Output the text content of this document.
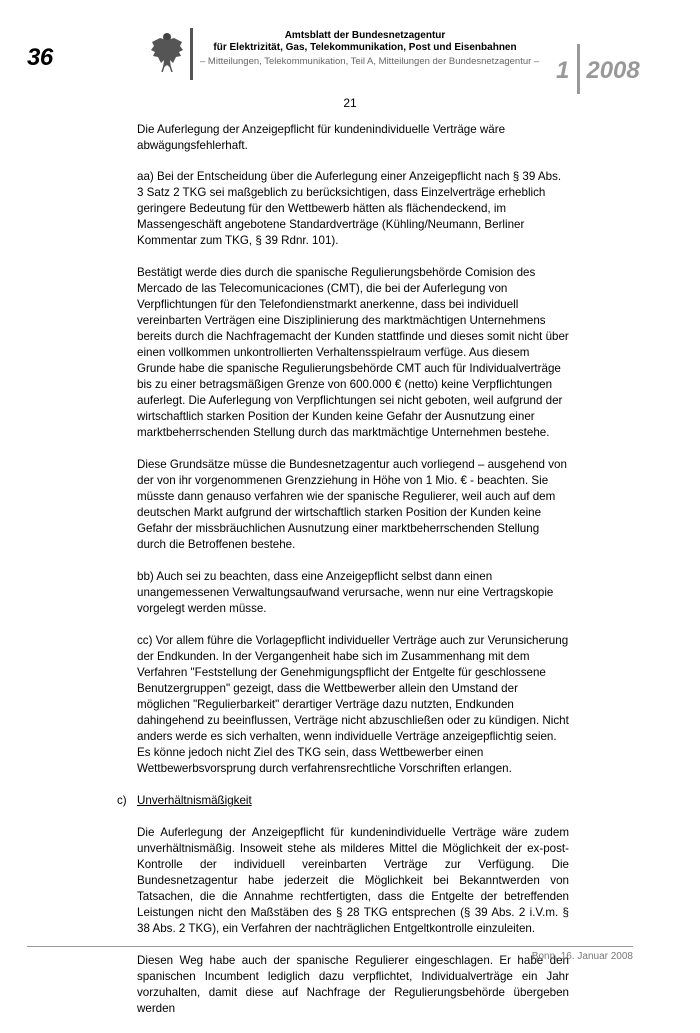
36
Amtsblatt der Bundesnetzagentur
für Elektrizität, Gas, Telekommunikation, Post und Eisenbahnen
– Mitteilungen, Telekommunikation, Teil A, Mitteilungen der Bundesnetzagentur – 1 2008
21

Die Auferlegung der Anzeigepflicht für kundenindividuelle Verträge wäre abwägungsfehlerhaft.

aa) Bei der Entscheidung über die Auferlegung einer Anzeigepflicht nach § 39 Abs. 3 Satz 2 TKG sei maßgeblich zu berücksichtigen, dass Einzelverträge erheblich geringere Bedeutung für den Wettbewerb hätten als flächendeckend, im Massengeschäft angebotene Standardverträge (Kühling/Neumann, Berliner Kommentar zum TKG, § 39 Rdnr. 101).

Bestätigt werde dies durch die spanische Regulierungsbehörde Comision des Mercado de las Telecomunicaciones (CMT), die bei der Auferlegung von Verpflichtungen für den Telefondienstmarkt anerkenne, dass bei individuell vereinbarten Verträgen eine Disziplinierung des marktmächtigen Unternehmens bereits durch die Nachfragemacht der Kunden stattfinde und dieses somit nicht über einen vollkommen unkontrollierten Verhaltensspielraum verfüge. Aus diesem Grunde habe die spanische Regulierungsbehörde CMT auch für Individualverträge bis zu einer betragsmäßigen Grenze von 600.000 € (netto) keine Verpflichtungen auferlegt. Die Auferlegung von Verpflichtungen sei nicht geboten, weil aufgrund der wirtschaftlich starken Position der Kunden keine Gefahr der Ausnutzung einer marktbeherrschenden Stellung durch das marktmächtige Unternehmen bestehe.

Diese Grundsätze müsse die Bundesnetzagentur auch vorliegend – ausgehend von der von ihr vorgenommenen Grenzziehung in Höhe von 1 Mio. € - beachten. Sie müsste dann genauso verfahren wie der spanische Regulierer, weil auch auf dem deutschen Markt aufgrund der wirtschaftlich starken Position der Kunden keine Gefahr der missbräuchlichen Ausnutzung einer marktbeherrschenden Stellung durch die Betroffenen bestehe.

bb) Auch sei zu beachten, dass eine Anzeigepflicht selbst dann einen unangemessenen Verwaltungsaufwand verursache, wenn nur eine Vertragskopie vorgelegt werden müsse.

cc) Vor allem führe die Vorlagepflicht individueller Verträge auch zur Verunsicherung der Endkunden. In der Vergangenheit habe sich im Zusammenhang mit dem Verfahren "Feststellung der Genehmigungspflicht der Entgelte für geschlossene Benutzergruppen" gezeigt, dass die Wettbewerber allein den Umstand der möglichen "Regulierbarkeit" derartiger Verträge dazu nutzten, Endkunden dahingehend zu beeinflussen, Verträge nicht abzuschließen oder zu kündigen. Nicht anders werde es sich verhalten, wenn individuelle Verträge anzeigepflichtig seien. Es könne jedoch nicht Ziel des TKG sein, dass Wettbewerber einen Wettbewerbsvorsprung durch verfahrensrechtliche Vorschriften erlangen.

c) Unverhältnismäßigkeit

Die Auferlegung der Anzeigepflicht für kundenindividuelle Verträge wäre zudem unverhältnismäßig. Insoweit stehe als milderes Mittel die Möglichkeit der ex-post-Kontrolle der individuell vereinbarten Verträge zur Verfügung. Die Bundesnetzagentur habe jederzeit die Möglichkeit bei Bekanntwerden von Tatsachen, die die Annahme rechtfertigten, dass die Entgelte der betreffenden Leistungen nicht den Maßstäben des § 28 TKG entsprechen (§ 39 Abs. 2 i.V.m. § 38 Abs. 2 TKG), ein Verfahren der nachträglichen Entgeltkontrolle einzuleiten.

Diesen Weg habe auch der spanische Regulierer eingeschlagen. Er habe den spanischen Incumbent lediglich dazu verpflichtet, Individualverträge ein Jahr vorzuhalten, damit diese auf Nachfrage der Regulierungsbehörde übergeben werden

Bonn, 16. Januar 2008
